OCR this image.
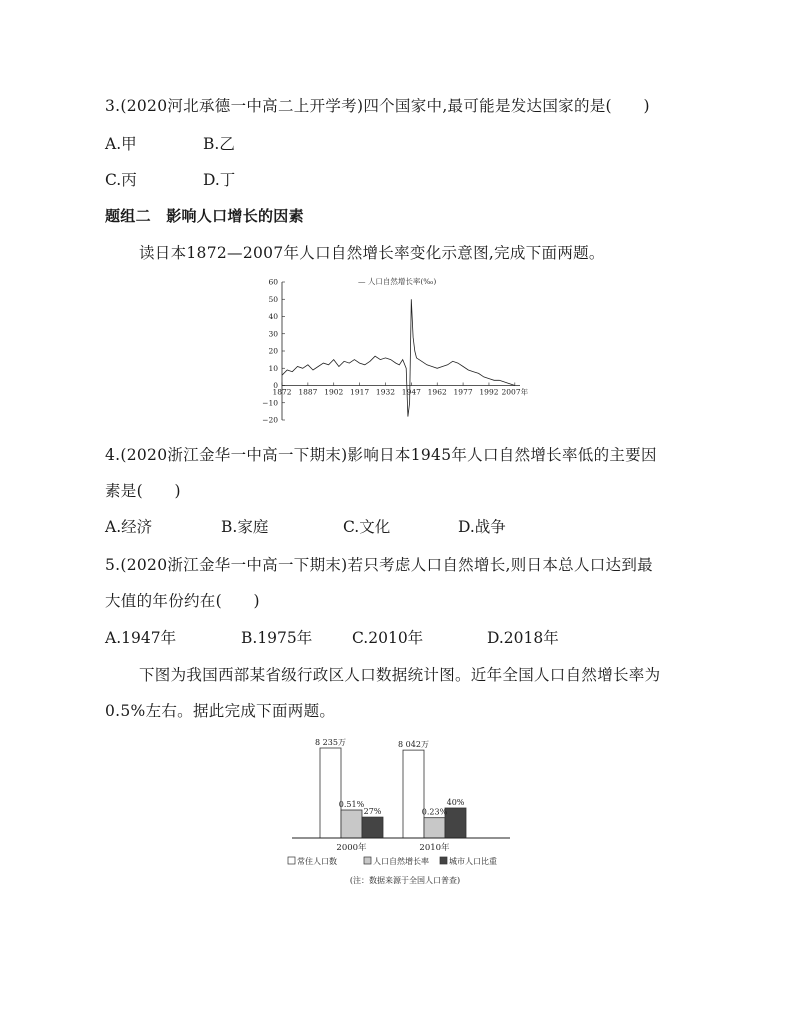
3.(2020河北承德一中高二上开学考)四个国家中,最可能是发达国家的是(　　)
A.甲	B.乙
C.丙	D.丁
题组二　影响人口增长的因素
读日本1872—2007年人口自然增长率变化示意图,完成下面两题。
60
50
40
30
20
10
0
−10
−20
1872 1887 1902 1917 1932 1947 1962 1977 1992 2007年
— 人口自然增长率(‰)
4.(2020浙江金华一中高一下期末)影响日本1945年人口自然增长率低的主要因
素是(　　)
A.经济	B.家庭	C.文化	D.战争
5.(2020浙江金华一中高一下期末)若只考虑人口自然增长,则日本总人口达到最
大值的年份约在(　　)
A.1947年	B.1975年	C.2010年	D.2018年
下图为我国西部某省级行政区人口数据统计图。近年全国人口自然增长率为
0.5%左右。据此完成下面两题。
8 235万	8 042万
0.51%
0.23%
27%
40%
2000年	2010年
常住人口数	人口自然增长率	城市人口比重
(注：数据来源于全国人口普查)
